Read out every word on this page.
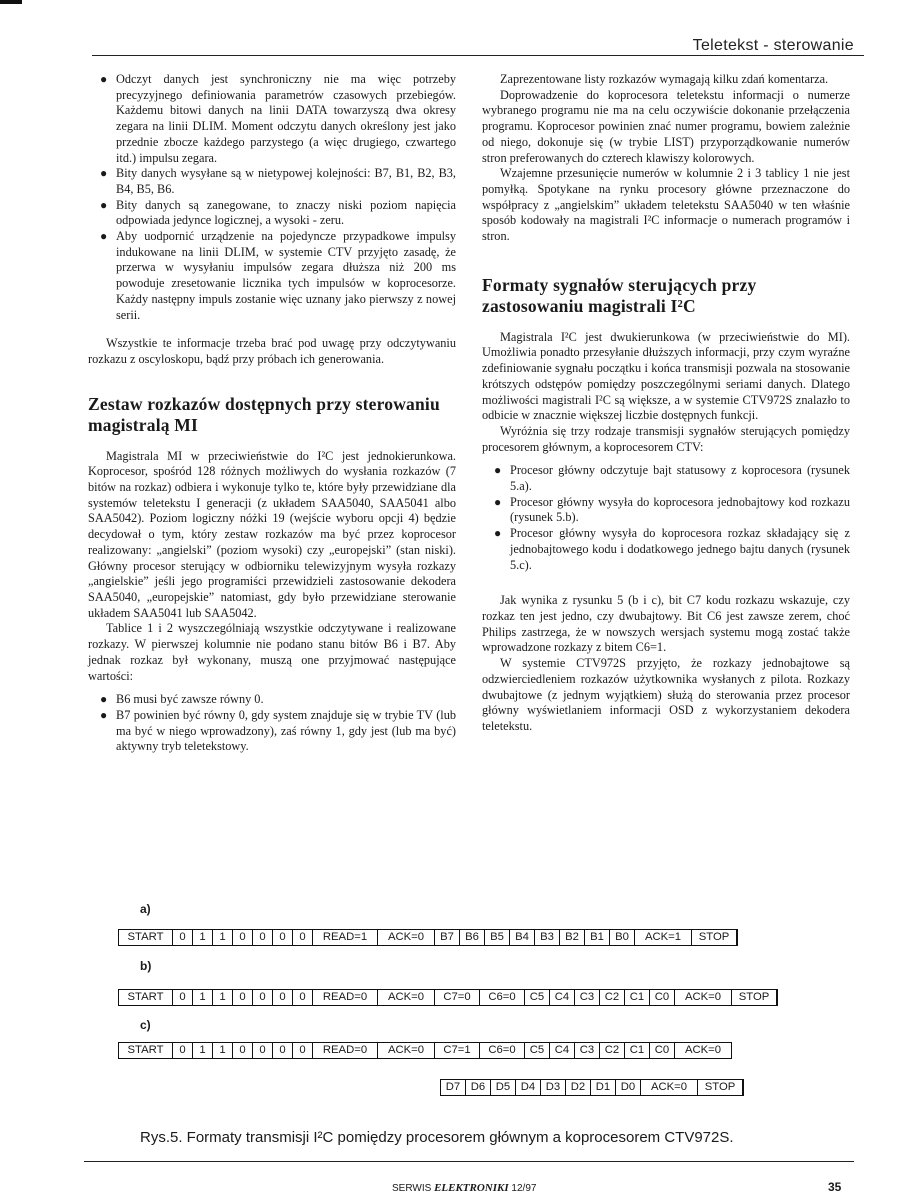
Teletekst - sterowanie

● Odczyt danych jest synchroniczny nie ma więc potrzeby precyzyjnego definiowania parametrów czasowych przebiegów. Każdemu bitowi danych na linii DATA towarzyszą dwa okresy zegara na linii DLIM. Moment odczytu danych określony jest jako przednie zbocze każdego parzystego (a więc drugiego, czwartego itd.) impulsu zegara.
● Bity danych wysyłane są w nietypowej kolejności: B7, B1, B2, B3, B4, B5, B6.
● Bity danych są zanegowane, to znaczy niski poziom napięcia odpowiada jedynce logicznej, a wysoki - zeru.
● Aby uodpornić urządzenie na pojedyncze przypadkowe impulsy indukowane na linii DLIM, w systemie CTV przyjęto zasadę, że przerwa w wysyłaniu impulsów zegara dłuższa niż 200 ms powoduje zresetowanie licznika tych impulsów w koprocesorze. Każdy następny impuls zostanie więc uznany jako pierwszy z nowej serii.

Wszystkie te informacje trzeba brać pod uwagę przy odczytywaniu rozkazu z oscyloskopu, bądź przy próbach ich generowania.

Zestaw rozkazów dostępnych przy sterowaniu magistralą MI

Magistrala MI w przeciwieństwie do I²C jest jednokierunkowa. Koprocesor, spośród 128 różnych możliwych do wysłania rozkazów (7 bitów na rozkaz) odbiera i wykonuje tylko te, które były przewidziane dla systemów teletekstu I generacji (z układem SAA5040, SAA5041 albo SAA5042). Poziom logiczny nóżki 19 (wejście wyboru opcji 4) będzie decydował o tym, który zestaw rozkazów ma być przez koprocesor realizowany: „angielski” (poziom wysoki) czy „europejski” (stan niski). Główny procesor sterujący w odbiorniku telewizyjnym wysyła rozkazy „angielskie” jeśli jego programiści przewidzieli zastosowanie dekodera SAA5040, „europejskie” natomiast, gdy było przewidziane sterowanie układem SAA5041 lub SAA5042.

Tablice 1 i 2 wyszczególniają wszystkie odczytywane i realizowane rozkazy. W pierwszej kolumnie nie podano stanu bitów B6 i B7. Aby jednak rozkaz był wykonany, muszą one przyjmować następujące wartości:

● B6 musi być zawsze równy 0.
● B7 powinien być równy 0, gdy system znajduje się w trybie TV (lub ma być w niego wprowadzony), zaś równy 1, gdy jest (lub ma być) aktywny tryb teletekstowy.

Zaprezentowane listy rozkazów wymagają kilku zdań komentarza.

Doprowadzenie do koprocesora teletekstu informacji o numerze wybranego programu nie ma na celu oczywiście dokonanie przełączenia programu. Koprocesor powinien znać numer programu, bowiem zależnie od niego, dokonuje się (w trybie LIST) przyporządkowanie numerów stron preferowanych do czterech klawiszy kolorowych.

Wzajemne przesunięcie numerów w kolumnie 2 i 3 tablicy 1 nie jest pomyłką. Spotykane na rynku procesory główne przeznaczone do współpracy z „angielskim” układem teletekstu SAA5040 w ten właśnie sposób kodowały na magistrali I²C informacje o numerach programów i stron.

Formaty sygnałów sterujących przy zastosowaniu magistrali I²C

Magistrala I²C jest dwukierunkowa (w przeciwieństwie do MI). Umożliwia ponadto przesyłanie dłuższych informacji, przy czym wyraźne zdefiniowanie sygnału początku i końca transmisji pozwala na stosowanie krótszych odstępów pomiędzy poszczególnymi seriami danych. Dlatego możliwości magistrali I²C są większe, a w systemie CTV972S znalazło to odbicie w znacznie większej liczbie dostępnych funkcji.

Wyróżnia się trzy rodzaje transmisji sygnałów sterujących pomiędzy procesorem głównym, a koprocesorem CTV:

● Procesor główny odczytuje bajt statusowy z koprocesora (rysunek 5.a).
● Procesor główny wysyła do koprocesora jednobajtowy kod rozkazu (rysunek 5.b).
● Procesor główny wysyła do koprocesora rozkaz składający się z jednobajtowego kodu i dodatkowego jednego bajtu danych (rysunek 5.c).

Jak wynika z rysunku 5 (b i c), bit C7 kodu rozkazu wskazuje, czy rozkaz ten jest jedno, czy dwubajtowy. Bit C6 jest zawsze zerem, choć Philips zastrzega, że w nowszych wersjach systemu mogą zostać także wprowadzone rozkazy z bitem C6=1.

W systemie CTV972S przyjęto, że rozkazy jednobajtowe są odzwierciedleniem rozkazów użytkownika wysłanych z pilota. Rozkazy dwubajtowe (z jednym wyjątkiem) służą do sterowania przez procesor główny wyświetlaniem informacji OSD z wykorzystaniem dekodera teletekstu.

a)
START	0	1	1	0	0	0	0	READ=1	ACK=0	B7 B6 B5 B4 B3 B2 B1 B0	ACK=1	STOP
b)
START	0	1	1	0	0	0	0	READ=0	ACK=0	C7=0	C6=0	C5 C4 C3 C2 C1 C0	ACK=0	STOP
c)
START	0	1	1	0	0	0	0	READ=0	ACK=0	C7=1	C6=0	C5 C4 C3 C2 C1 C0	ACK=0
D7 D6 D5 D4 D3 D2 D1 D0	ACK=0	STOP

Rys.5. Formaty transmisji I²C pomiędzy procesorem głównym a koprocesorem CTV972S.

SERWIS ELEKTRONIKI 12/97	35
